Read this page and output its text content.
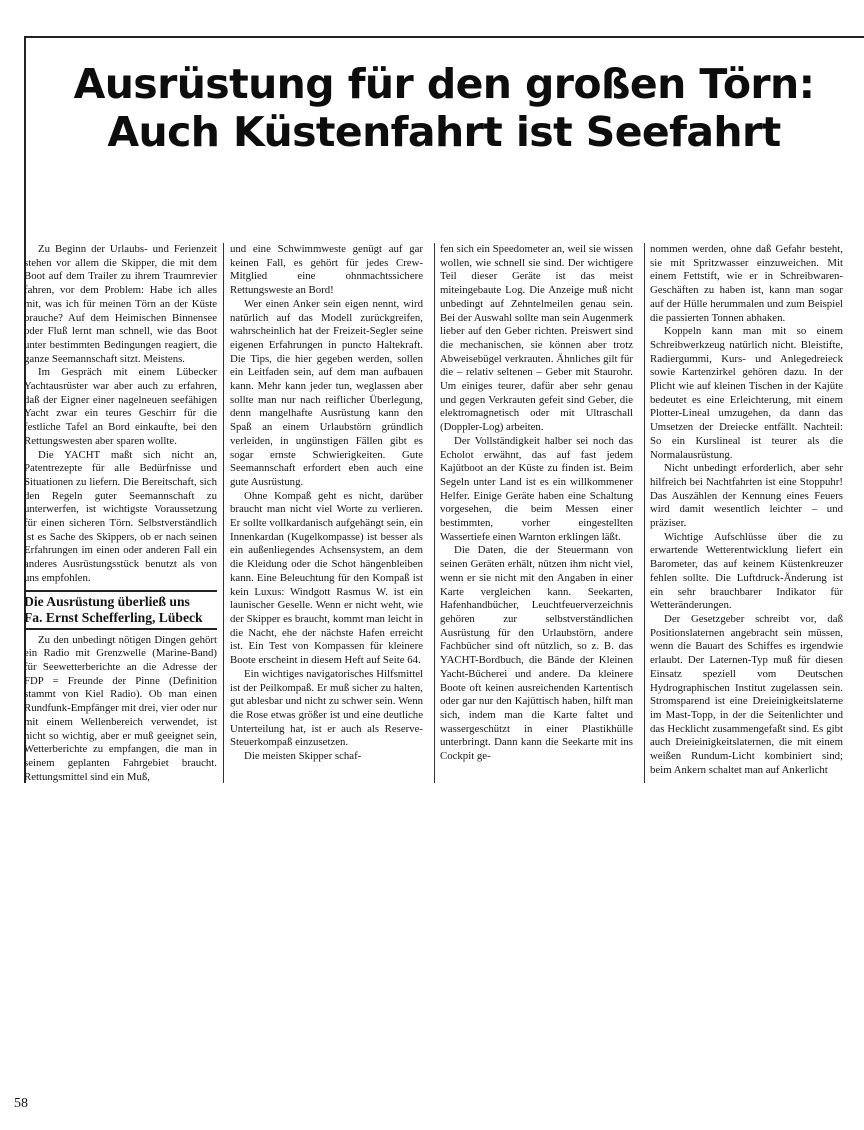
Ausrüstung für den großen Törn:
Auch Küstenfahrt ist Seefahrt

Zu Beginn der Urlaubs- und Ferienzeit stehen vor allem die Skipper, die mit dem Boot auf dem Trailer zu ihrem Traumrevier fahren, vor dem Problem: Habe ich alles mit, was ich für meinen Törn an der Küste brauche? Auf dem Heimischen Binnensee oder Fluß lernt man schnell, wie das Boot unter bestimmten Bedingungen reagiert, die ganze Seemannschaft sitzt. Meistens.

Im Gespräch mit einem Lübecker Yachtausrüster war aber auch zu erfahren, daß der Eigner einer nagelneuen seefähigen Yacht zwar ein teures Geschirr für die festliche Tafel an Bord einkaufte, bei den Rettungswesten aber sparen wollte.

Die YACHT maßt sich nicht an, Patentrezepte für alle Bedürfnisse und Situationen zu liefern. Die Bereitschaft, sich den Regeln guter Seemannschaft zu unterwerfen, ist wichtigste Voraussetzung für einen sicheren Törn. Selbstverständlich ist es Sache des Skippers, ob er nach seinen Erfahrungen im einen oder anderen Fall ein anderes Ausrüstungsstück benutzt als von uns empfohlen.

Die Ausrüstung überließ uns
Fa. Ernst Schefferling, Lübeck

Zu den unbedingt nötigen Dingen gehört ein Radio mit Grenzwelle (Marine-Band) für Seewetterberichte an die Adresse der FDP = Freunde der Pinne (Definition stammt von Kiel Radio). Ob man einen Rundfunk-Empfänger mit drei, vier oder nur mit einem Wellenbereich verwendet, ist nicht so wichtig, aber er muß geeignet sein, Wetterberichte zu empfangen, die man in seinem geplanten Fahrgebiet braucht. Rettungsmittel sind ein Muß,

und eine Schwimmweste genügt auf gar keinen Fall, es gehört für jedes Crew-Mitglied eine ohnmachtssichere Rettungsweste an Bord!

Wer einen Anker sein eigen nennt, wird natürlich auf das Modell zurückgreifen, wahrscheinlich hat der Freizeit-Segler seine eigenen Erfahrungen in puncto Haltekraft. Die Tips, die hier gegeben werden, sollen ein Leitfaden sein, auf dem man aufbauen kann. Mehr kann jeder tun, weglassen aber sollte man nur nach reiflicher Überlegung, denn mangelhafte Ausrüstung kann den Spaß an einem Urlaubstörn gründlich verleiden, in ungünstigen Fällen gibt es sogar ernste Schwierigkeiten. Gute Seemannschaft erfordert eben auch eine gute Ausrüstung.

Ohne Kompaß geht es nicht, darüber braucht man nicht viel Worte zu verlieren. Er sollte vollkardanisch aufgehängt sein, ein Innenkardan (Kugelkompasse) ist besser als ein außenliegendes Achsensystem, an dem die Kleidung oder die Schot hängenbleiben kann. Eine Beleuchtung für den Kompaß ist kein Luxus: Windgott Rasmus W. ist ein launischer Geselle. Wenn er nicht weht, wie der Skipper es braucht, kommt man leicht in die Nacht, ehe der nächste Hafen erreicht ist. Ein Test von Kompassen für kleinere Boote erscheint in diesem Heft auf Seite 64.

Ein wichtiges navigatorisches Hilfsmittel ist der Peilkompaß. Er muß sicher zu halten, gut ablesbar und nicht zu schwer sein. Wenn die Rose etwas größer ist und eine deutliche Unterteilung hat, ist er auch als Reserve-Steuerkompaß einzusetzen.

Die meisten Skipper schaf-

fen sich ein Speedometer an, weil sie wissen wollen, wie schnell sie sind. Der wichtigere Teil dieser Geräte ist das meist miteingebaute Log. Die Anzeige muß nicht unbedingt auf Zehntelmeilen genau sein. Bei der Auswahl sollte man sein Augenmerk lieber auf den Geber richten. Preiswert sind die mechanischen, sie können aber trotz Abweisebügel verkrauten. Ähnliches gilt für die – relativ seltenen – Geber mit Staurohr. Um einiges teurer, dafür aber sehr genau und gegen Verkrauten gefeit sind Geber, die elektromagnetisch oder mit Ultraschall (Doppler-Log) arbeiten.

Der Vollständigkeit halber sei noch das Echolot erwähnt, das auf fast jedem Kajütboot an der Küste zu finden ist. Beim Segeln unter Land ist es ein willkommener Helfer. Einige Geräte haben eine Schaltung vorgesehen, die beim Messen einer bestimmten, vorher eingestellten Wassertiefe einen Warnton erklingen läßt.

Die Daten, die der Steuermann von seinen Geräten erhält, nützen ihm nicht viel, wenn er sie nicht mit den Angaben in einer Karte vergleichen kann. Seekarten, Hafenhandbücher, Leuchtfeuerverzeichnis gehören zur selbstverständlichen Ausrüstung für den Urlaubstörn, andere Fachbücher sind oft nützlich, so z. B. das YACHT-Bordbuch, die Bände der Kleinen Yacht-Bücherei und andere. Da kleinere Boote oft keinen ausreichenden Kartentisch oder gar nur den Kajüttisch haben, hilft man sich, indem man die Karte faltet und wassergeschützt in einer Plastikhülle unterbringt. Dann kann die Seekarte mit ins Cockpit ge-

nommen werden, ohne daß Gefahr besteht, sie mit Spritzwasser einzuweichen. Mit einem Fettstift, wie er in Schreibwaren-Geschäften zu haben ist, kann man sogar auf der Hülle herummalen und zum Beispiel die passierten Tonnen abhaken.

Koppeln kann man mit so einem Schreibwerkzeug natürlich nicht. Bleistifte, Radiergummi, Kurs- und Anlegedreieck sowie Kartenzirkel gehören dazu. In der Plicht wie auf kleinen Tischen in der Kajüte bedeutet es eine Erleichterung, mit einem Plotter-Lineal umzugehen, da dann das Umsetzen der Dreiecke entfällt. Nachteil: So ein Kurslineal ist teurer als die Normalausrüstung.

Nicht unbedingt erforderlich, aber sehr hilfreich bei Nachtfahrten ist eine Stoppuhr! Das Auszählen der Kennung eines Feuers wird damit wesentlich leichter – und präziser.

Wichtige Aufschlüsse über die zu erwartende Wetterentwicklung liefert ein Barometer, das auf keinem Küstenkreuzer fehlen sollte. Die Luftdruck-Änderung ist ein sehr brauchbarer Indikator für Wetteränderungen.

Der Gesetzgeber schreibt vor, daß Positionslaternen angebracht sein müssen, wenn die Bauart des Schiffes es irgendwie erlaubt. Der Laternen-Typ muß für diesen Einsatz speziell vom Deutschen Hydrographischen Institut zugelassen sein. Stromsparend ist eine Dreieinigkeitslaterne im Mast-Topp, in der die Seitenlichter und das Hecklicht zusammengefaßt sind. Es gibt auch Dreieinigkeitslaternen, die mit einem weißen Rundum-Licht kombiniert sind; beim Ankern schaltet man auf Ankerlicht

58
